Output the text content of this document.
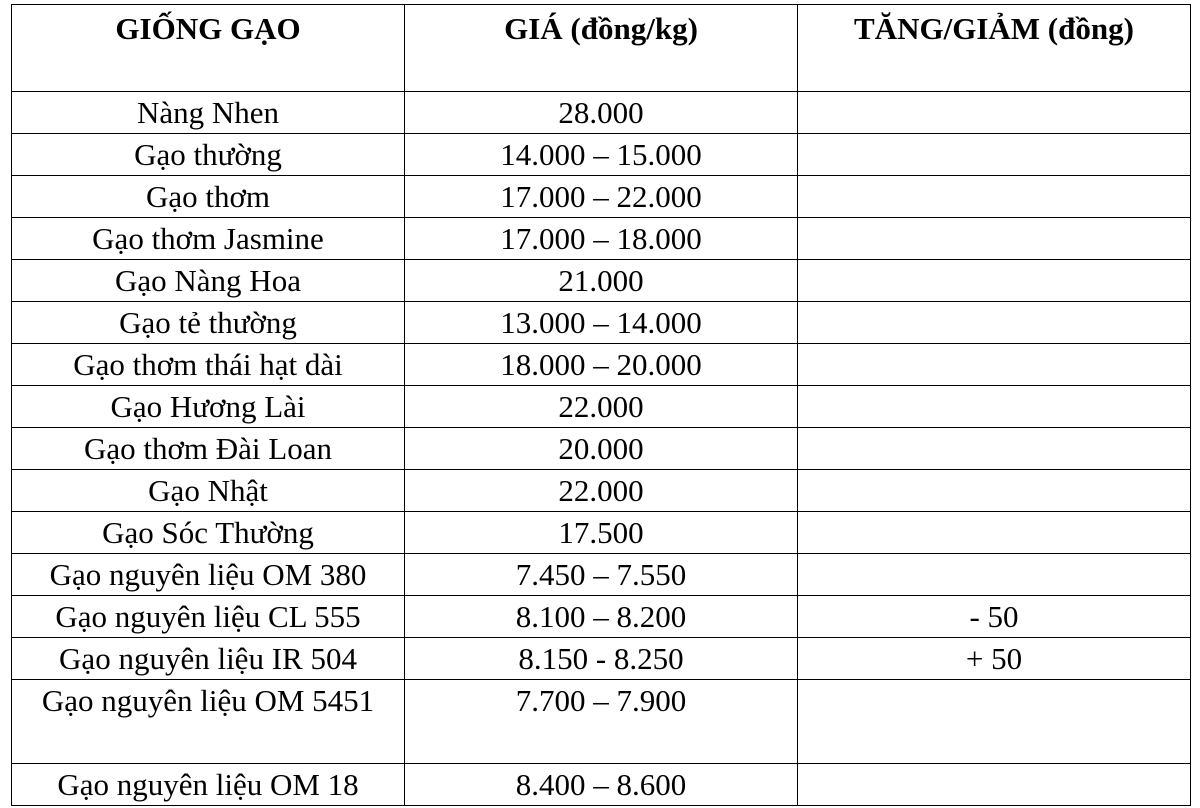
GIỐNG GẠO	GIÁ (đồng/kg)	TĂNG/GIẢM (đồng)
Nàng Nhen	28.000	
Gạo thường	14.000 – 15.000	
Gạo thơm	17.000 – 22.000	
Gạo thơm Jasmine	17.000 – 18.000	
Gạo Nàng Hoa	21.000	
Gạo tẻ thường	13.000 – 14.000	
Gạo thơm thái hạt dài	18.000 – 20.000	
Gạo Hương Lài	22.000	
Gạo thơm Đài Loan	20.000	
Gạo Nhật	22.000	
Gạo Sóc Thường	17.500	
Gạo nguyên liệu OM 380	7.450 – 7.550	
Gạo nguyên liệu CL 555	8.100 – 8.200	- 50
Gạo nguyên liệu IR 504	8.150 - 8.250	+ 50
Gạo nguyên liệu OM 5451	7.700 – 7.900	
Gạo nguyên liệu OM 18	8.400 – 8.600	
